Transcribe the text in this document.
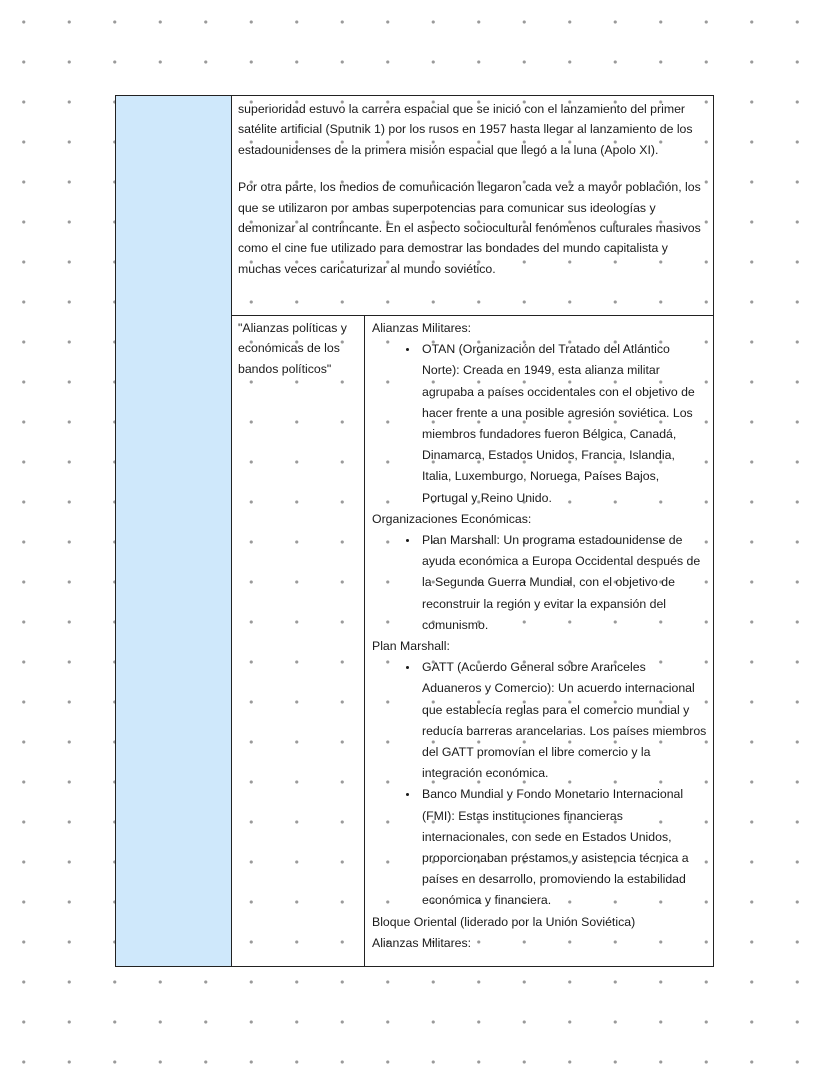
superioridad estuvo la carrera espacial que se inició con el lanzamiento del primer satélite artificial (Sputnik 1) por los rusos en 1957 hasta llegar al lanzamiento de los estadounidenses de la primera misión espacial que llegó a la luna (Apolo XI).

Por otra parte, los medios de comunicación llegaron cada vez a mayor población, los que se utilizaron por ambas superpotencias para comunicar sus ideologías y demonizar al contrincante. En el aspecto sociocultural fenómenos culturales masivos como el cine fue utilizado para demostrar las bondades del mundo capitalista y muchas veces caricaturizar al mundo soviético.

"Alianzas políticas y económicas de los bandos políticos"

Alianzas Militares:

• OTAN (Organización del Tratado del Atlántico Norte): Creada en 1949, esta alianza militar agrupaba a países occidentales con el objetivo de hacer frente a una posible agresión soviética. Los miembros fundadores fueron Bélgica, Canadá, Dinamarca, Estados Unidos, Francia, Islandia, Italia, Luxemburgo, Noruega, Países Bajos, Portugal y Reino Unido.

Organizaciones Económicas:

• Plan Marshall: Un programa estadounidense de ayuda económica a Europa Occidental después de la Segunda Guerra Mundial, con el objetivo de reconstruir la región y evitar la expansión del comunismo.

Plan Marshall:

• GATT (Acuerdo General sobre Aranceles Aduaneros y Comercio): Un acuerdo internacional que establecía reglas para el comercio mundial y reducía barreras arancelarias. Los países miembros del GATT promovían el libre comercio y la integración económica.
• Banco Mundial y Fondo Monetario Internacional (FMI): Estas instituciones financieras internacionales, con sede en Estados Unidos, proporcionaban préstamos y asistencia técnica a países en desarrollo, promoviendo la estabilidad económica y financiera.

Bloque Oriental (liderado por la Unión Soviética)

Alianzas Militares:
